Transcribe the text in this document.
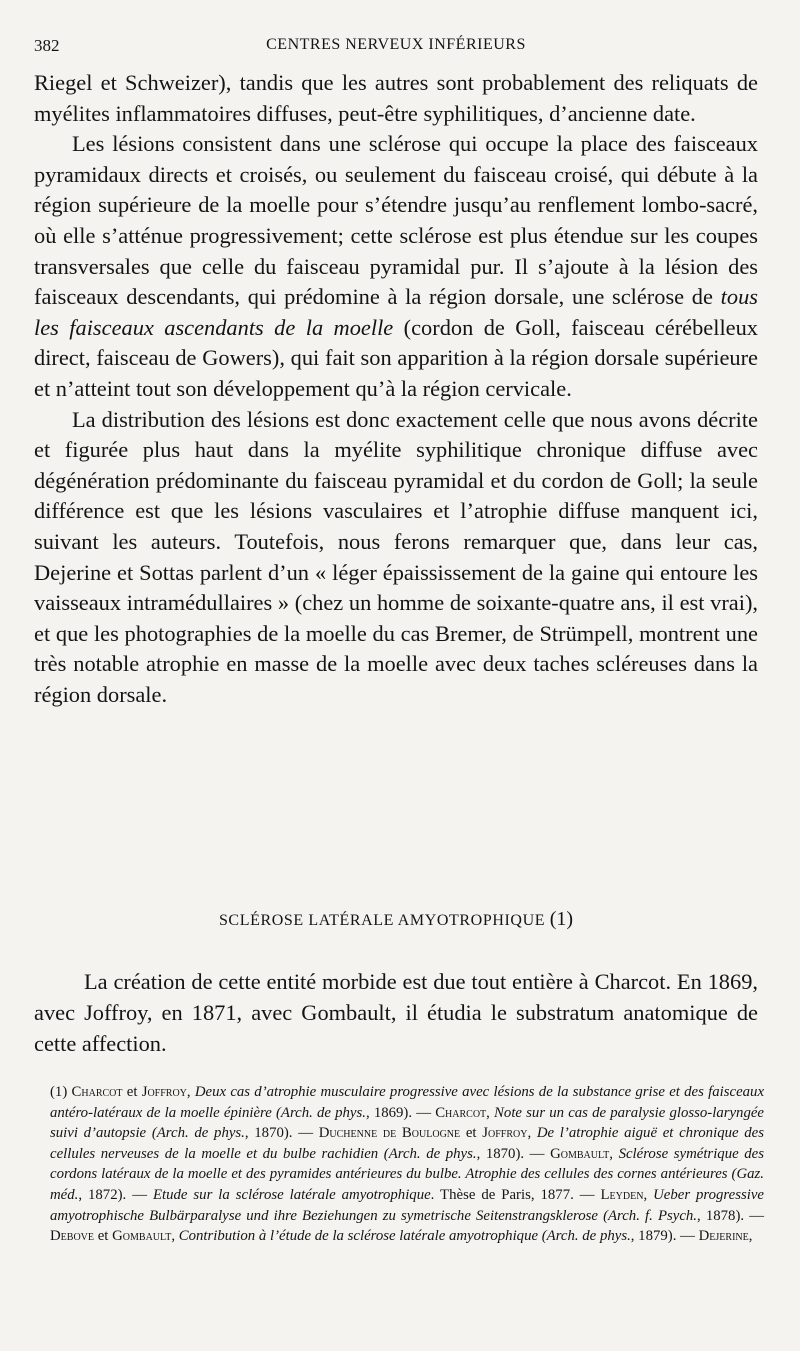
382	CENTRES NERVEUX INFÉRIEURS

Riegel et Schweizer), tandis que les autres sont probablement des reliquats de myélites inflammatoires diffuses, peut-être syphilitiques, d’ancienne date.

Les lésions consistent dans une sclérose qui occupe la place des faisceaux pyramidaux directs et croisés, ou seulement du faisceau croisé, qui débute à la région supérieure de la moelle pour s’étendre jusqu’au renflement lombo-sacré, où elle s’atténue progressivement; cette sclérose est plus étendue sur les coupes transversales que celle du faisceau pyramidal pur. Il s’ajoute à la lésion des faisceaux descendants, qui prédomine à la région dorsale, une sclérose de tous les faisceaux ascendants de la moelle (cordon de Goll, faisceau cérébelleux direct, faisceau de Gowers), qui fait son apparition à la région dorsale supérieure et n’atteint tout son développement qu’à la région cervicale.

La distribution des lésions est donc exactement celle que nous avons décrite et figurée plus haut dans la myélite syphilitique chronique diffuse avec dégénération prédominante du faisceau pyramidal et du cordon de Goll; la seule différence est que les lésions vasculaires et l’atrophie diffuse manquent ici, suivant les auteurs. Toutefois, nous ferons remarquer que, dans leur cas, Dejerine et Sottas parlent d’un « léger épaississement de la gaine qui entoure les vaisseaux intramédullaires » (chez un homme de soixante-quatre ans, il est vrai), et que les photographies de la moelle du cas Bremer, de Strümpell, montrent une très notable atrophie en masse de la moelle avec deux taches scléreuses dans la région dorsale.

SCLÉROSE LATÉRALE AMYOTROPHIQUE (1)

La création de cette entité morbide est due tout entière à Charcot. En 1869, avec Joffroy, en 1871, avec Gombault, il étudia le substratum anatomique de cette affection.

(1) Charcot et Joffroy, Deux cas d’atrophie musculaire progressive avec lésions de la substance grise et des faisceaux antéro-latéraux de la moelle épinière (Arch. de phys., 1869). — Charcot, Note sur un cas de paralysie glosso-laryngée suivi d’autopsie (Arch. de phys., 1870). — Duchenne de Boulogne et Joffroy, De l’atrophie aiguë et chronique des cellules nerveuses de la moelle et du bulbe rachidien (Arch. de phys., 1870). — Gombault, Sclérose symétrique des cordons latéraux de la moelle et des pyramides antérieures du bulbe. Atrophie des cellules des cornes antérieures (Gaz. méd., 1872). — Etude sur la sclérose latérale amyotrophique. Thèse de Paris, 1877. — Leyden, Ueber progressive amyotrophische Bulbärparalyse und ihre Beziehungen zu symetrische Seitenstrangsklerose (Arch. f. Psych., 1878). — Debove et Gombault, Contribution à l’étude de la sclérose latérale amyotrophique (Arch. de phys., 1879). — Dejerine,
